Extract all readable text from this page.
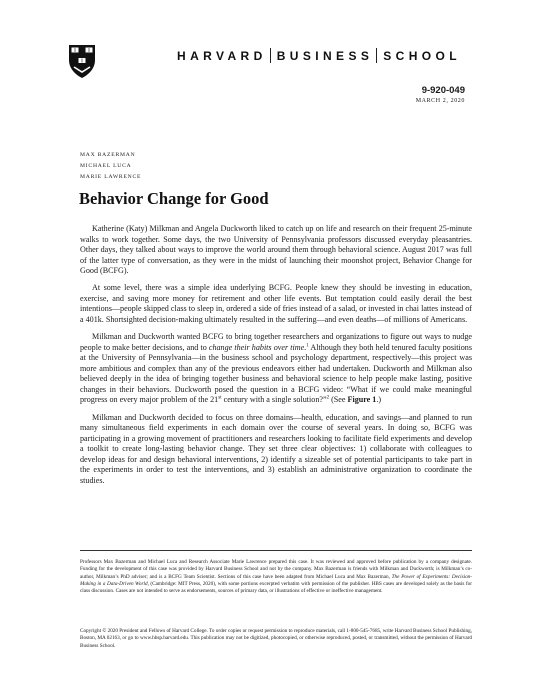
HARVARD BUSINESS SCHOOL
9-920-049
MARCH 2, 2020
MAX BAZERMAN
MICHAEL LUCA
MARIE LAWRENCE
Behavior Change for Good

Katherine (Katy) Milkman and Angela Duckworth liked to catch up on life and research on their frequent 25-minute walks to work together. Some days, the two University of Pennsylvania professors discussed everyday pleasantries. Other days, they talked about ways to improve the world around them through behavioral science. August 2017 was full of the latter type of conversation, as they were in the midst of launching their moonshot project, Behavior Change for Good (BCFG).

At some level, there was a simple idea underlying BCFG. People knew they should be investing in education, exercise, and saving more money for retirement and other life events. But temptation could easily derail the best intentions—people skipped class to sleep in, ordered a side of fries instead of a salad, or invested in chai lattes instead of a 401k. Shortsighted decision-making ultimately resulted in the suffering—and even deaths—of millions of Americans.

Milkman and Duckworth wanted BCFG to bring together researchers and organizations to figure out ways to nudge people to make better decisions, and to change their habits over time.$^1$ Although they both held tenured faculty positions at the University of Pennsylvania—in the business school and psychology department, respectively—this project was more ambitious and complex than any of the previous endeavors either had undertaken. Duckworth and Milkman also believed deeply in the idea of bringing together business and behavioral science to help people make lasting, positive changes in their behaviors. Duckworth posed the question in a BCFG video: “What if we could make meaningful progress on every major problem of the 21st century with a single solution?”$^2$ (See Figure 1.)

Milkman and Duckworth decided to focus on three domains—health, education, and savings—and planned to run many simultaneous field experiments in each domain over the course of several years. In doing so, BCFG was participating in a growing movement of practitioners and researchers looking to facilitate field experiments and develop a toolkit to create long-lasting behavior change. They set three clear objectives: 1) collaborate with colleagues to develop ideas for and design behavioral interventions, 2) identify a sizeable set of potential participants to take part in the experiments in order to test the interventions, and 3) establish an administrative organization to coordinate the studies.

Professors Max Bazerman and Michael Luca and Research Associate Marie Lawrence prepared this case. It was reviewed and approved before publication by a company designate. Funding for the development of this case was provided by Harvard Business School and not by the company. Max Bazerman is friends with Milkman and Duckworth; is Milkman’s co-author, Milkman’s PhD adviser; and is a BCFG Team Scientist. Sections of this case have been adapted from Michael Luca and Max Bazerman, The Power of Experiments: Decision-Making in a Data-Driven World, (Cambridge: MIT Press, 2020), with some portions excerpted verbatim with permission of the publisher. HBS cases are developed solely as the basis for class discussion. Cases are not intended to serve as endorsements, sources of primary data, or illustrations of effective or ineffective management.
Copyright © 2020 President and Fellows of Harvard College. To order copies or request permission to reproduce materials, call 1-800-545-7685, write Harvard Business School Publishing, Boston, MA 02163, or go to www.hbsp.harvard.edu. This publication may not be digitized, photocopied, or otherwise reproduced, posted, or transmitted, without the permission of Harvard Business School.
